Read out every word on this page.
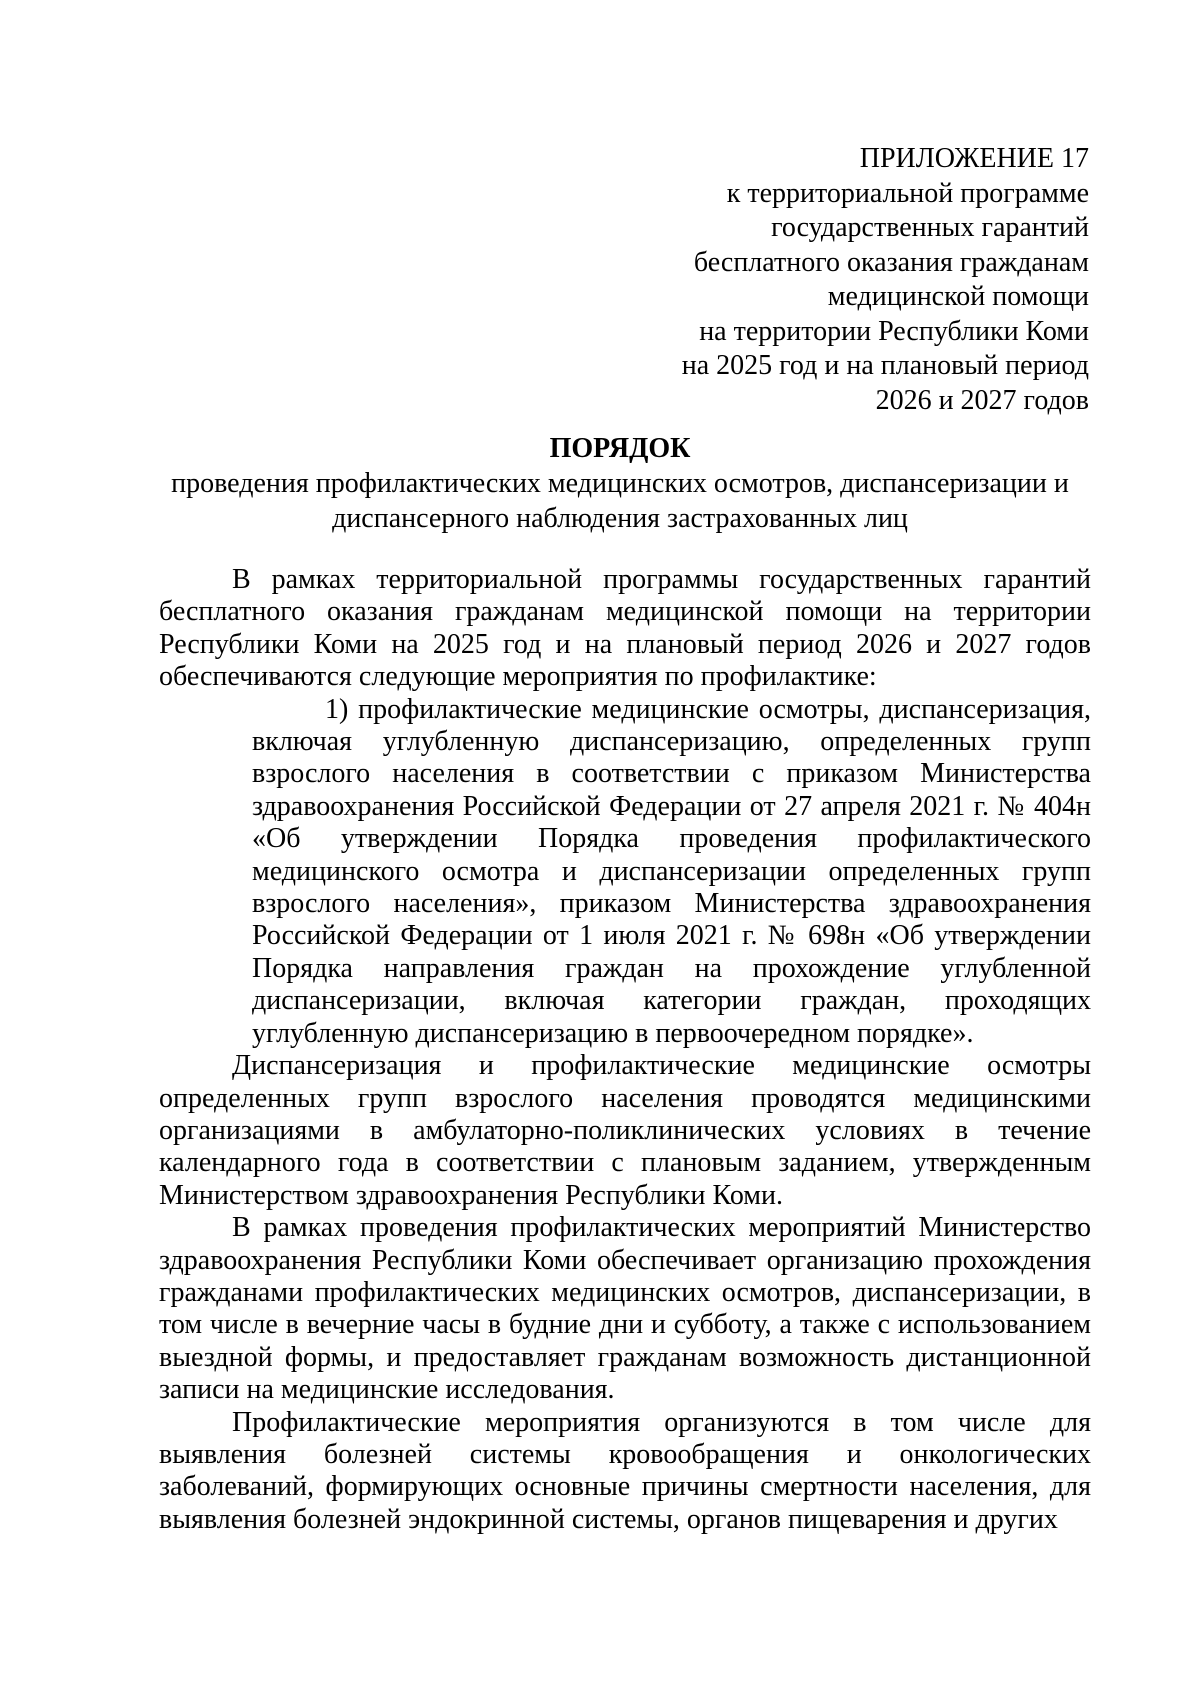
ПРИЛОЖЕНИЕ 17
к территориальной программе
государственных гарантий
бесплатного оказания гражданам
медицинской помощи
на территории Республики Коми
на 2025 год и на плановый период
2026 и 2027 годов
ПОРЯДОК
проведения профилактических медицинских осмотров, диспансеризации и
диспансерного наблюдения застрахованных лиц

В рамках территориальной программы государственных гарантий бесплатного оказания гражданам медицинской помощи на территории Республики Коми на 2025 год и на плановый период 2026 и 2027 годов обеспечиваются следующие мероприятия по профилактике:

1) профилактические медицинские осмотры, диспансеризация, включая углубленную диспансеризацию, определенных групп взрослого населения в соответствии с приказом Министерства здравоохранения Российской Федерации от 27 апреля 2021 г. № 404н «Об утверждении Порядка проведения профилактического медицинского осмотра и диспансеризации определенных групп взрослого населения», приказом Министерства здравоохранения Российской Федерации от 1 июля 2021 г. № 698н «Об утверждении Порядка направления граждан на прохождение углубленной диспансеризации, включая категории граждан, проходящих углубленную диспансеризацию в первоочередном порядке».

Диспансеризация и профилактические медицинские осмотры определенных групп взрослого населения проводятся медицинскими организациями в амбулаторно-поликлинических условиях в течение календарного года в соответствии с плановым заданием, утвержденным Министерством здравоохранения Республики Коми.

В рамках проведения профилактических мероприятий Министерство здравоохранения Республики Коми обеспечивает организацию прохождения гражданами профилактических медицинских осмотров, диспансеризации, в том числе в вечерние часы в будние дни и субботу, а также с использованием выездной формы, и предоставляет гражданам возможность дистанционной записи на медицинские исследования.

Профилактические мероприятия организуются в том числе для выявления болезней системы кровообращения и онкологических заболеваний, формирующих основные причины смертности населения, для выявления болезней эндокринной системы, органов пищеварения и других
